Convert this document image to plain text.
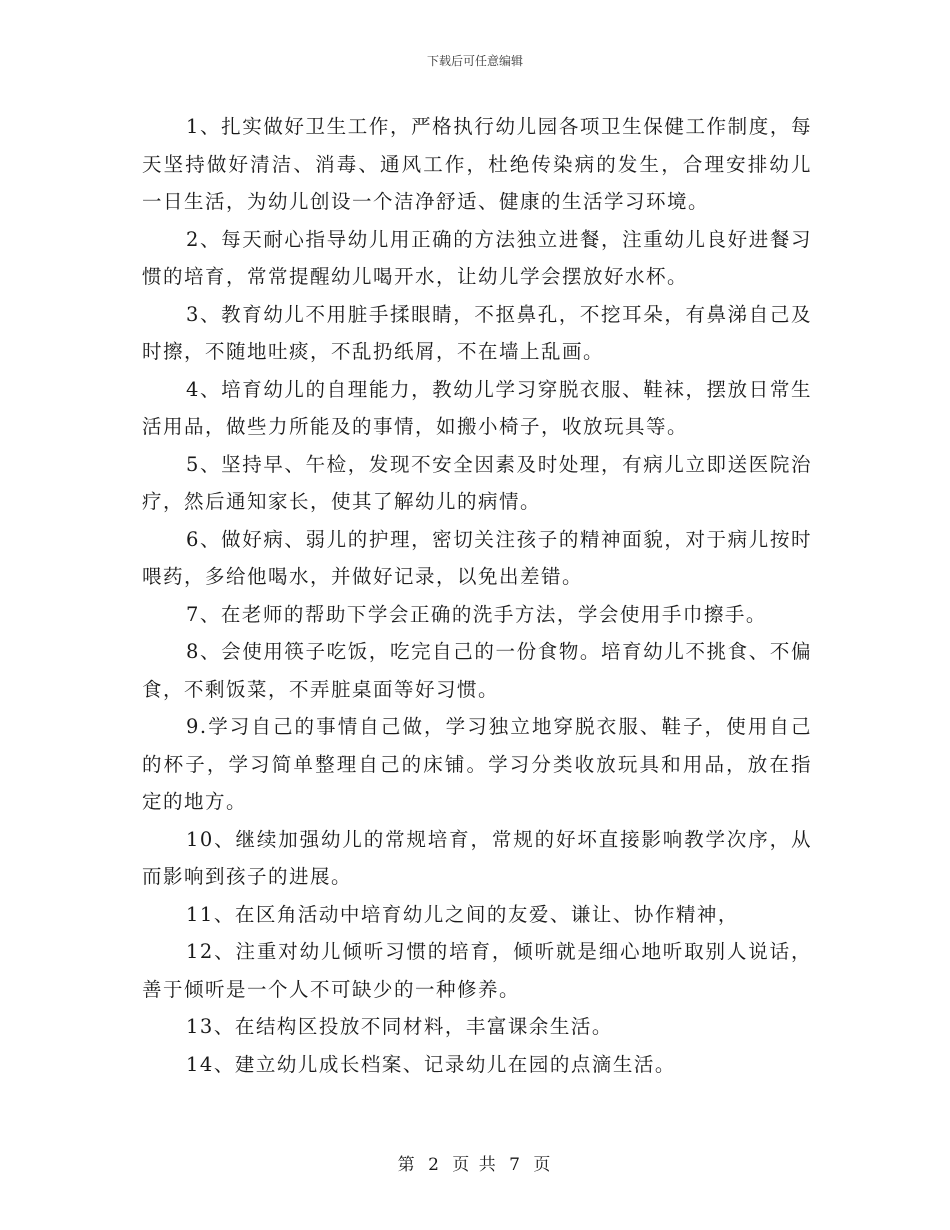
下载后可任意编辑

1、扎实做好卫生工作，严格执行幼儿园各项卫生保健工作制度，每天坚持做好清洁、消毒、通风工作，杜绝传染病的发生，合理安排幼儿一日生活，为幼儿创设一个洁净舒适、健康的生活学习环境。

2、每天耐心指导幼儿用正确的方法独立进餐，注重幼儿良好进餐习惯的培育，常常提醒幼儿喝开水，让幼儿学会摆放好水杯。

3、教育幼儿不用脏手揉眼睛，不抠鼻孔，不挖耳朵，有鼻涕自己及时擦，不随地吐痰，不乱扔纸屑，不在墙上乱画。

4、培育幼儿的自理能力，教幼儿学习穿脱衣服、鞋袜，摆放日常生活用品，做些力所能及的事情，如搬小椅子，收放玩具等。

5、坚持早、午检，发现不安全因素及时处理，有病儿立即送医院治疗，然后通知家长，使其了解幼儿的病情。

6、做好病、弱儿的护理，密切关注孩子的精神面貌，对于病儿按时喂药，多给他喝水，并做好记录，以免出差错。

7、在老师的帮助下学会正确的洗手方法，学会使用手巾擦手。

8、会使用筷子吃饭，吃完自己的一份食物。培育幼儿不挑食、不偏食，不剩饭菜，不弄脏桌面等好习惯。

9.学习自己的事情自己做，学习独立地穿脱衣服、鞋子，使用自己的杯子，学习简单整理自己的床铺。学习分类收放玩具和用品，放在指定的地方。

10、继续加强幼儿的常规培育，常规的好坏直接影响教学次序，从而影响到孩子的进展。

11、在区角活动中培育幼儿之间的友爱、谦让、协作精神，

12、注重对幼儿倾听习惯的培育，倾听就是细心地听取别人说话，善于倾听是一个人不可缺少的一种修养。

13、在结构区投放不同材料，丰富课余生活。

14、建立幼儿成长档案、记录幼儿在园的点滴生活。

第 2 页 共 7 页
